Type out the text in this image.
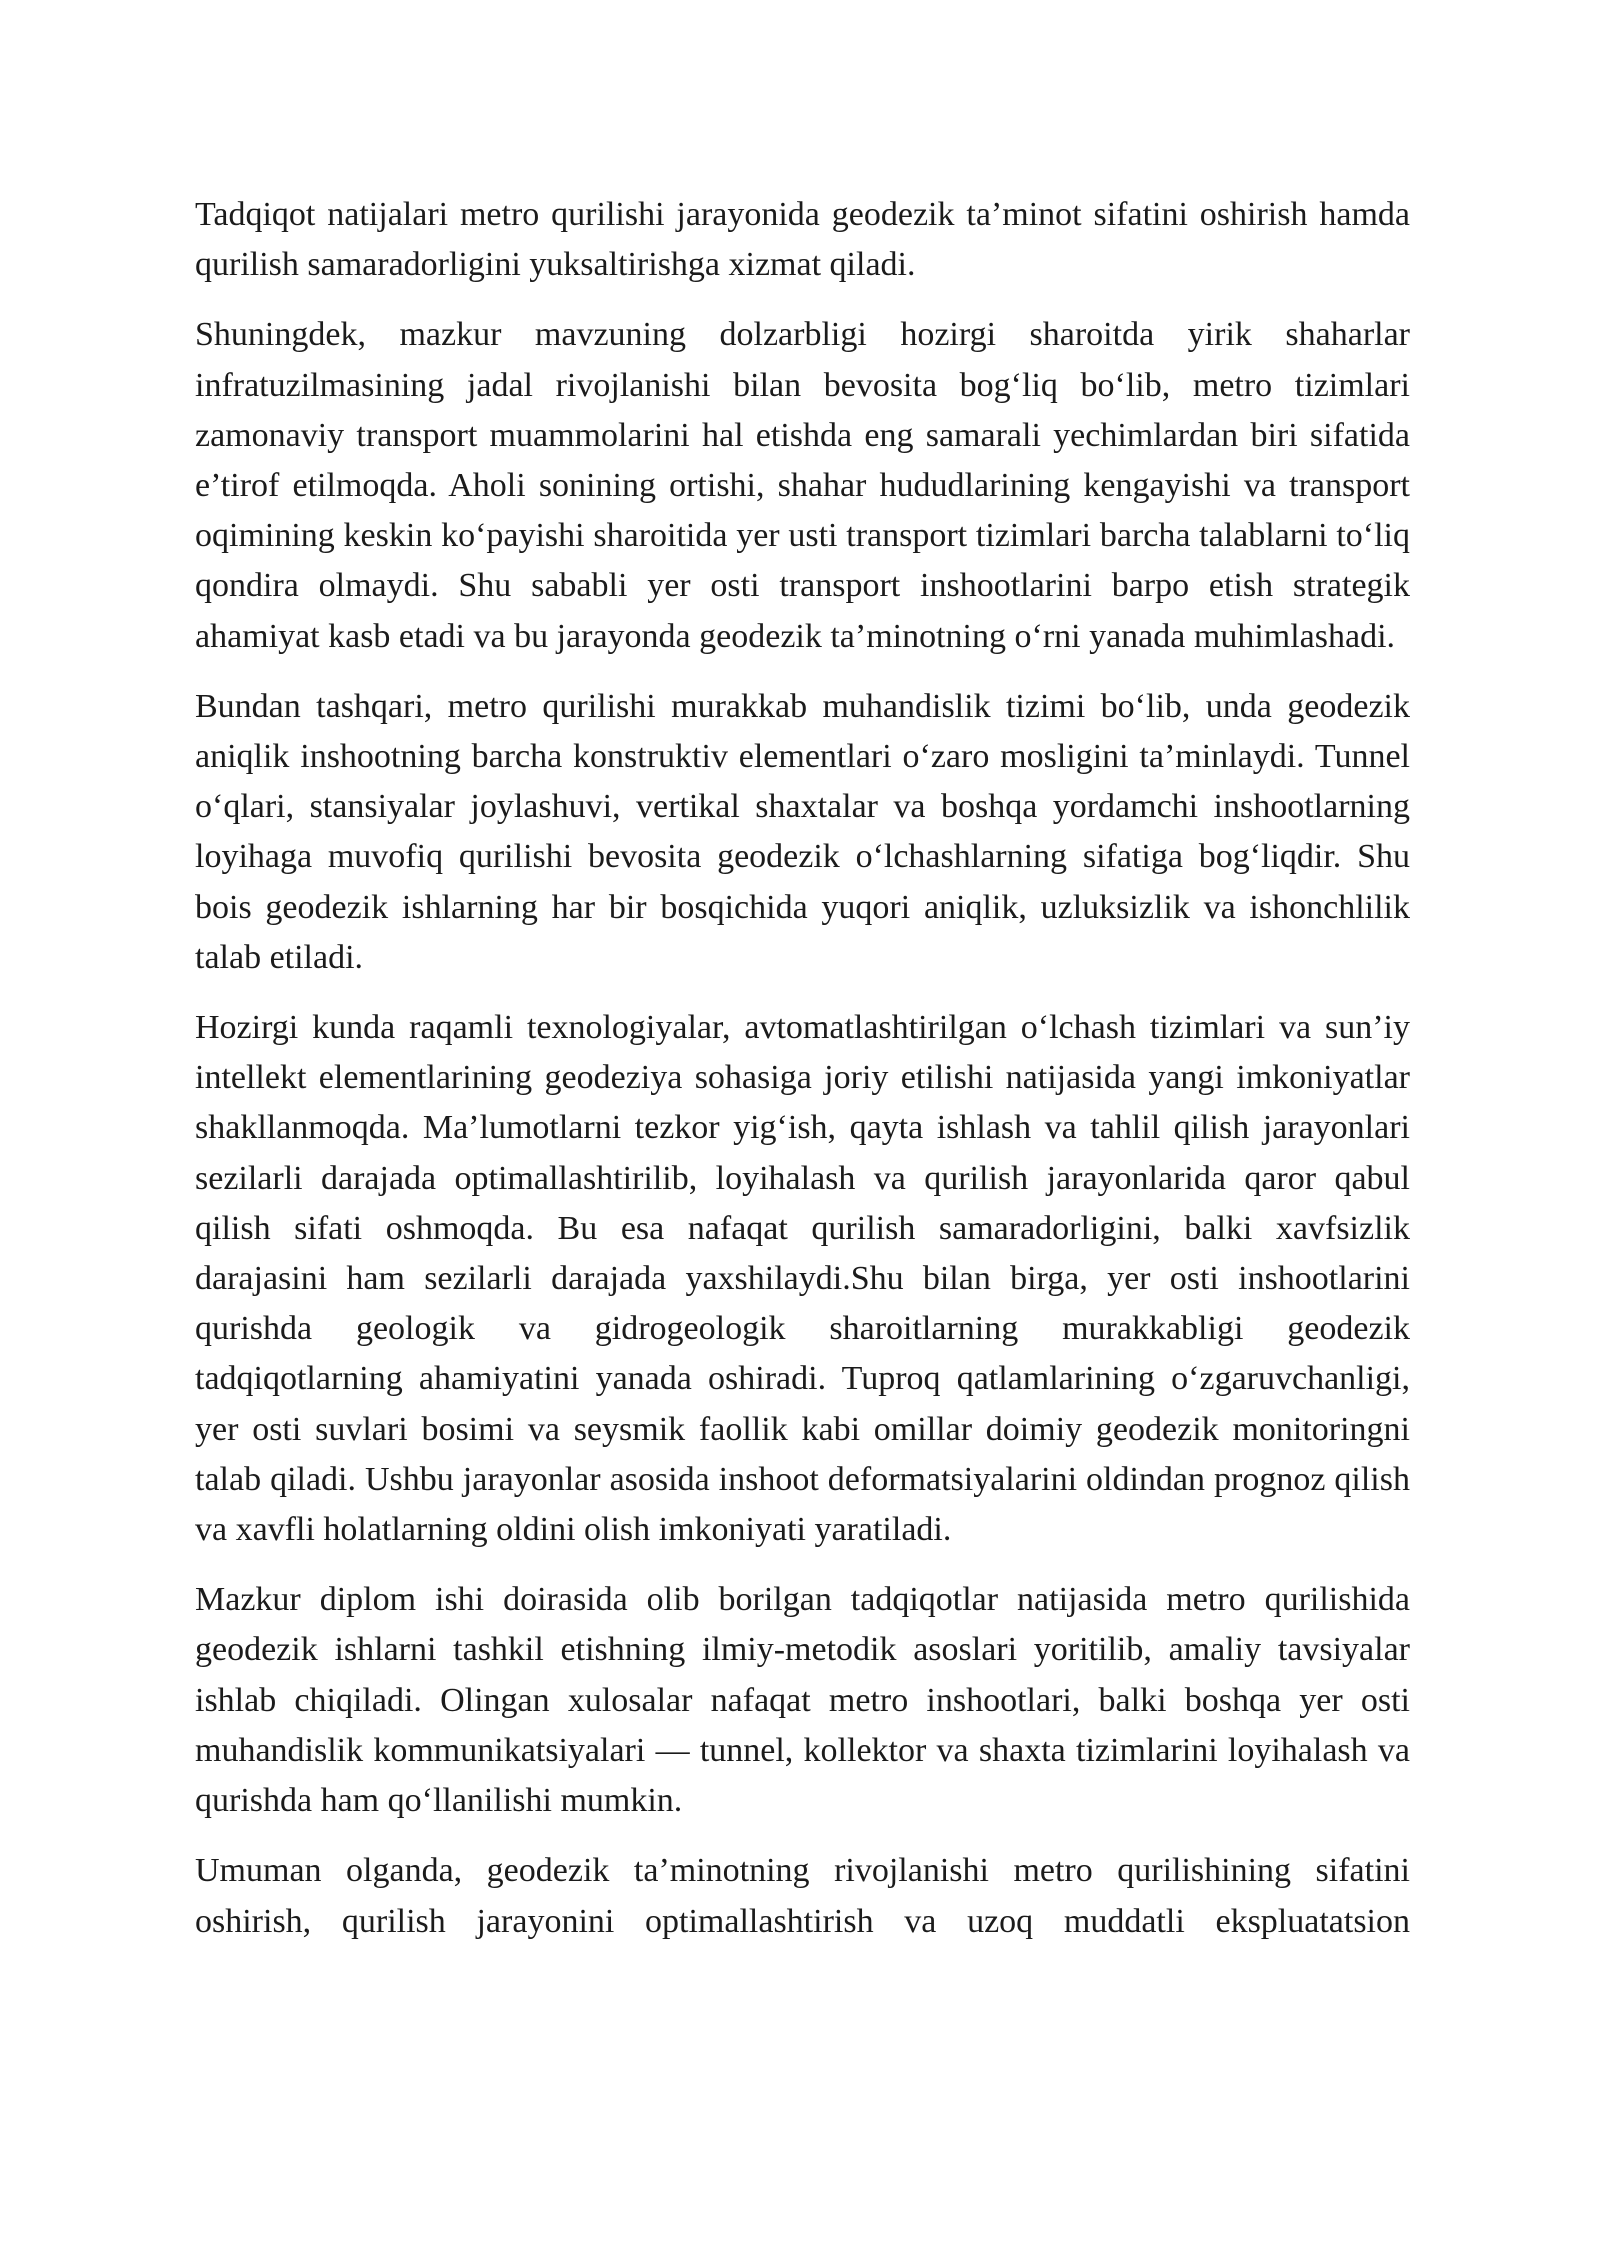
Tadqiqot natijalari metro qurilishi jarayonida geodezik ta’minot sifatini oshirish hamda qurilish samaradorligini yuksaltirishga xizmat qiladi.

Shuningdek, mazkur mavzuning dolzarbligi hozirgi sharoitda yirik shaharlar infratuzilmasining jadal rivojlanishi bilan bevosita bog‘liq bo‘lib, metro tizimlari zamonaviy transport muammolarini hal etishda eng samarali yechimlardan biri sifatida e’tirof etilmoqda. Aholi sonining ortishi, shahar hududlarining kengayishi va transport oqimining keskin ko‘payishi sharoitida yer usti transport tizimlari barcha talablarni to‘liq qondira olmaydi. Shu sababli yer osti transport inshootlarini barpo etish strategik ahamiyat kasb etadi va bu jarayonda geodezik ta’minotning o‘rni yanada muhimlashadi.

Bundan tashqari, metro qurilishi murakkab muhandislik tizimi bo‘lib, unda geodezik aniqlik inshootning barcha konstruktiv elementlari o‘zaro mosligini ta’minlaydi. Tunnel o‘qlari, stansiyalar joylashuvi, vertikal shaxtalar va boshqa yordamchi inshootlarning loyihaga muvofiq qurilishi bevosita geodezik o‘lchashlarning sifatiga bog‘liqdir. Shu bois geodezik ishlarning har bir bosqichida yuqori aniqlik, uzluksizlik va ishonchlilik talab etiladi.

Hozirgi kunda raqamli texnologiyalar, avtomatlashtirilgan o‘lchash tizimlari va sun’iy intellekt elementlarining geodeziya sohasiga joriy etilishi natijasida yangi imkoniyatlar shakllanmoqda. Ma’lumotlarni tezkor yig‘ish, qayta ishlash va tahlil qilish jarayonlari sezilarli darajada optimallashtirilib, loyihalash va qurilish jarayonlarida qaror qabul qilish sifati oshmoqda. Bu esa nafaqat qurilish samaradorligini, balki xavfsizlik darajasini ham sezilarli darajada yaxshilaydi.Shu bilan birga, yer osti inshootlarini qurishda geologik va gidrogeologik sharoitlarning murakkabligi geodezik tadqiqotlarning ahamiyatini yanada oshiradi. Tuproq qatlamlarining o‘zgaruvchanligi, yer osti suvlari bosimi va seysmik faollik kabi omillar doimiy geodezik monitoringni talab qiladi. Ushbu jarayonlar asosida inshoot deformatsiyalarini oldindan prognoz qilish va xavfli holatlarning oldini olish imkoniyati yaratiladi.

Mazkur diplom ishi doirasida olib borilgan tadqiqotlar natijasida metro qurilishida geodezik ishlarni tashkil etishning ilmiy-metodik asoslari yoritilib, amaliy tavsiyalar ishlab chiqiladi. Olingan xulosalar nafaqat metro inshootlari, balki boshqa yer osti muhandislik kommunikatsiyalari — tunnel, kollektor va shaxta tizimlarini loyihalash va qurishda ham qo‘llanilishi mumkin.

Umuman olganda, geodezik ta’minotning rivojlanishi metro qurilishining sifatini oshirish, qurilish jarayonini optimallashtirish va uzoq muddatli ekspluatatsion
